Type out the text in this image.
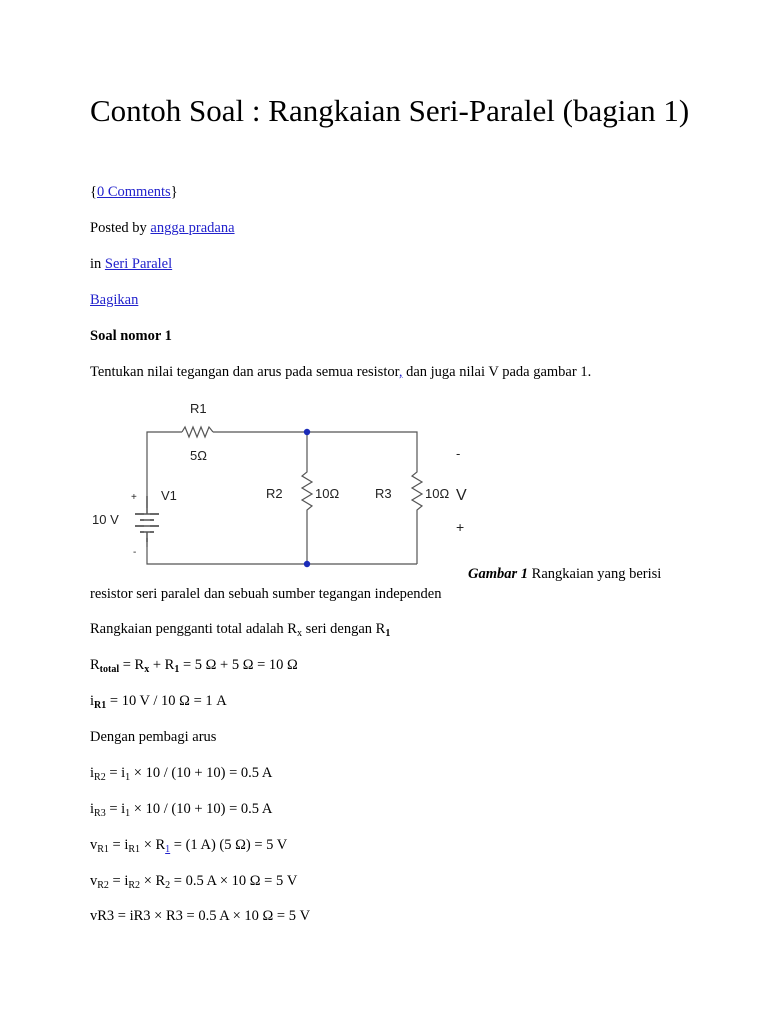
Contoh Soal : Rangkaian Seri-Paralel (bagian 1)
{0 Comments}
Posted by angga pradana
in Seri Paralel
Bagikan
Soal nomor 1
Tentukan nilai tegangan dan arus pada semua resistor, dan juga nilai V pada gambar 1.
resistor seri paralel dan sebuah sumber tegangan independen
Rangkaian pengganti total adalah $R_x$ seri dengan $R_1$
$R_{total} = R_x + R_1 = 5$ Ω + 5 Ω = 10 Ω
$i_{R1} = 10$ V / 10 Ω = 1 A
Dengan pembagi arus
$i_{R2} = i_1 \times 10 / (10 + 10) = 0.5$ A
$i_{R3} = i_1 \times 10 / (10 + 10) = 0.5$ A
$v_{R1} = i_{R1} \times R_1 = (1$ A) (5 Ω) = 5 V
$v_{R2} = i_{R2} \times R_2 = 0.5$ A × 10 Ω = 5 V
vR3 = iR3 × R3 = 0.5 A × 10 Ω = 5 V
R1
5Ω
+ V1
10 V
-
R2 10Ω	R3	10Ω V
-
+
Gambar 1 Rangkaian yang berisi
